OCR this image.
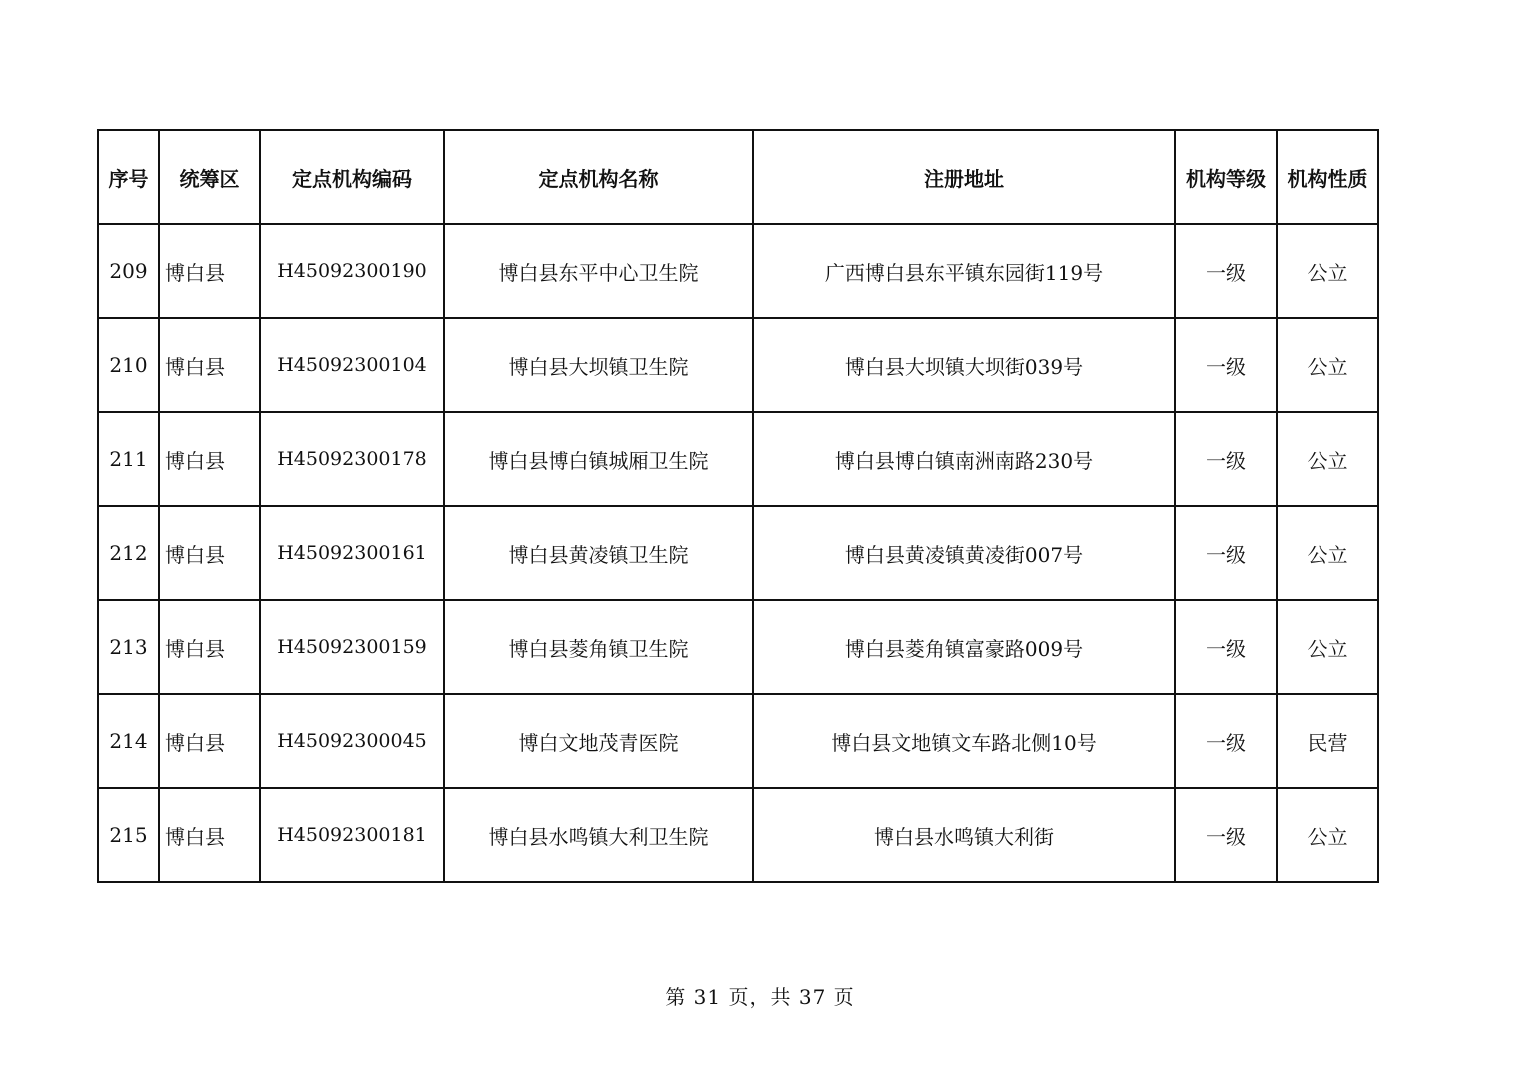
序号	统筹区	定点机构编码	定点机构名称	注册地址	机构等级	机构性质
209	博白县	H45092300190	博白县东平中心卫生院	广西博白县东平镇东园街119号	一级	公立
210	博白县	H45092300104	博白县大坝镇卫生院	博白县大坝镇大坝街039号	一级	公立
211	博白县	H45092300178	博白县博白镇城厢卫生院	博白县博白镇南洲南路230号	一级	公立
212	博白县	H45092300161	博白县黄凌镇卫生院	博白县黄凌镇黄凌街007号	一级	公立
213	博白县	H45092300159	博白县菱角镇卫生院	博白县菱角镇富豪路009号	一级	公立
214	博白县	H45092300045	博白文地茂青医院	博白县文地镇文车路北侧10号	一级	民营
215	博白县	H45092300181	博白县水鸣镇大利卫生院	博白县水鸣镇大利街	一级	公立
第 31 页，共 37 页
